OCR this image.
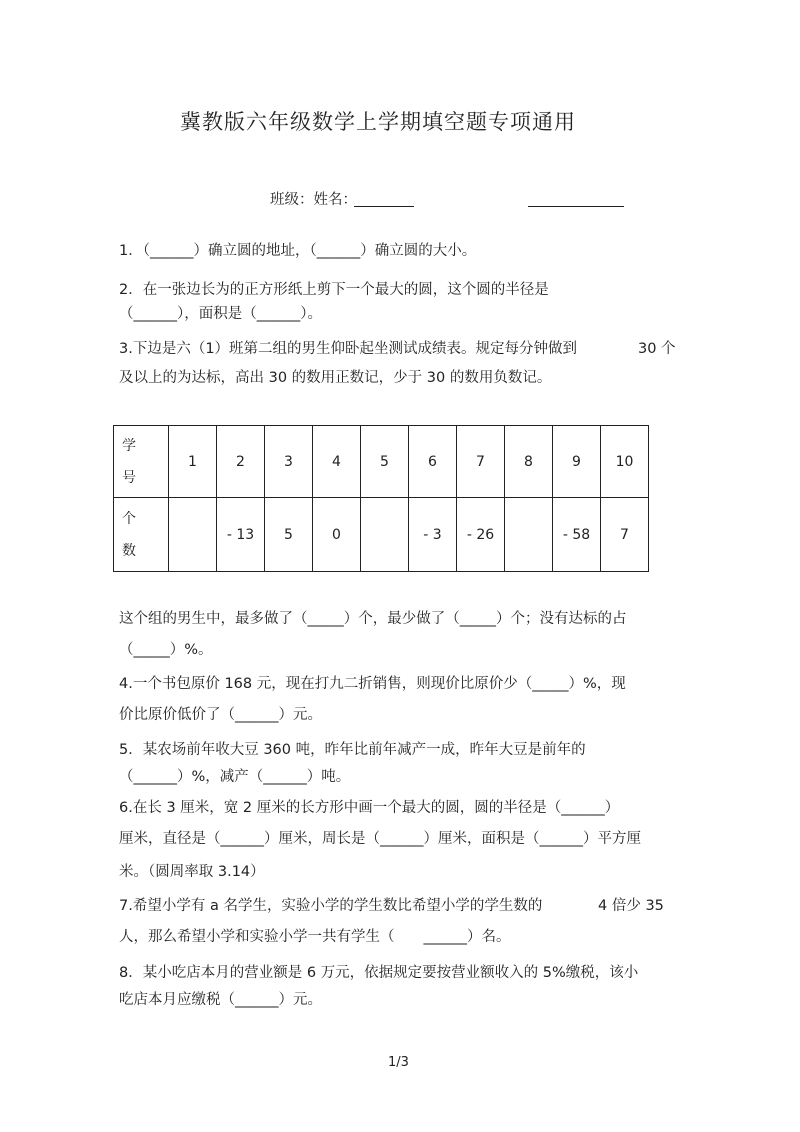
冀教版六年级数学上学期填空题专项通用
班级：姓名：
1．（______）确立圆的地址，（______）确立圆的大小。
2．在一张边长为的正方形纸上剪下一个最大的圆，这个圆的半径是
（______），面积是（______）。
3.下边是六（1）班第二组的男生仰卧起坐测试成绩表。规定每分钟做到	30 个
及以上的为达标，高出 30 的数用正数记，少于 30 的数用负数记。
学
号	1	2	3	4	5	6	7	8	9	10

个
数		- 13	5	0		- 3	- 26		- 58	7
这个组的男生中，最多做了（_____）个，最少做了（_____）个；没有达标的占
（_____）%。
4.一个书包原价 168 元，现在打九二折销售，则现价比原价少（_____）%，现
价比原价低价了（______）元。
5．某农场前年收大豆 360 吨，昨年比前年减产一成，昨年大豆是前年的
（______）%，减产（______）吨。
6.在长 3 厘米，宽 2 厘米的长方形中画一个最大的圆，圆的半径是（______）
厘米，直径是（______）厘米，周长是（______）厘米，面积是（______）平方厘
米。（圆周率取 3.14）
7.希望小学有 a 名学生，实验小学的学生数比希望小学的学生数的	4 倍少 35
人，那么希望小学和实验小学一共有学生（　　______）名。
8．某小吃店本月的营业额是 6 万元，依据规定要按营业额收入的 5%缴税，该小
吃店本月应缴税（______）元。
1/3
